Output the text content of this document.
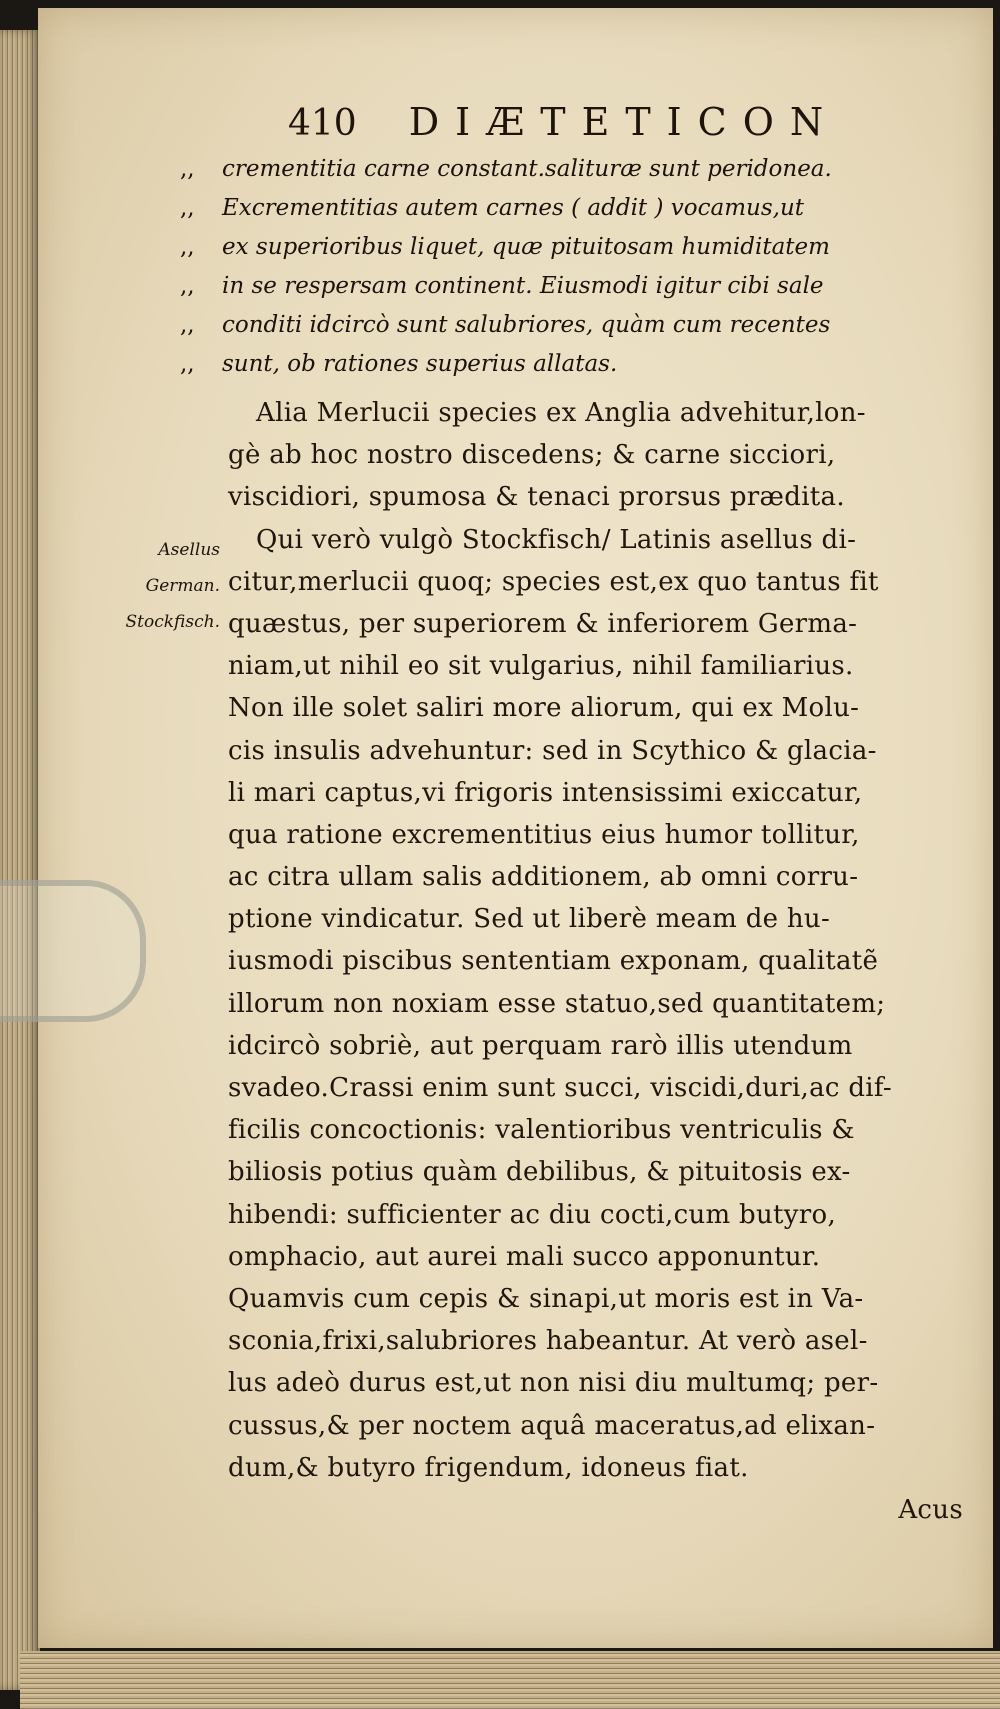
410 DIÆTETICON
,, crementitia carne constant.salituræ sunt peridonea.
,, Excrementitias autem carnes ( addit ) vocamus,ut
,, ex superioribus liquet, quæ pituitosam humiditatem
,, in se respersam continent. Eiusmodi igitur cibi sale
,, conditi idcircò sunt salubriores, quàm cum recentes
,, sunt, ob rationes superius allatas.
Asellus
German.
Stockfisch.
Alia Merlucii species ex Anglia advehitur,lon-
gè ab hoc nostro discedens; & carne sicciori,
viscidiori, spumosa & tenaci prorsus prædita.
Qui verò vulgò Stockfisch/ Latinis asellus di-
citur,merlucii quoq; species est,ex quo tantus fit
quæstus, per superiorem & inferiorem Germa-
niam,ut nihil eo sit vulgarius, nihil familiarius.
Non ille solet saliri more aliorum, qui ex Molu-
cis insulis advehuntur: sed in Scythico & glacia-
li mari captus,vi frigoris intensissimi exiccatur,
qua ratione excrementitius eius humor tollitur,
ac citra ullam salis additionem, ab omni corru-
ptione vindicatur. Sed ut liberè meam de hu-
iusmodi piscibus sententiam exponam, qualitatẽ
illorum non noxiam esse statuo,sed quantitatem;
idcircò sobriè, aut perquam rarò illis utendum
svadeo.Crassi enim sunt succi, viscidi,duri,ac dif-
ficilis concoctionis: valentioribus ventriculis &
biliosis potius quàm debilibus, & pituitosis ex-
hibendi: sufficienter ac diu cocti,cum butyro,
omphacio, aut aurei mali succo apponuntur.
Quamvis cum cepis & sinapi,ut moris est in Va-
sconia,frixi,salubriores habeantur. At verò asel-
lus adeò durus est,ut non nisi diu multumq; per-
cussus,& per noctem aquâ maceratus,ad elixan-
dum,& butyro frigendum, idoneus fiat.
Acus
